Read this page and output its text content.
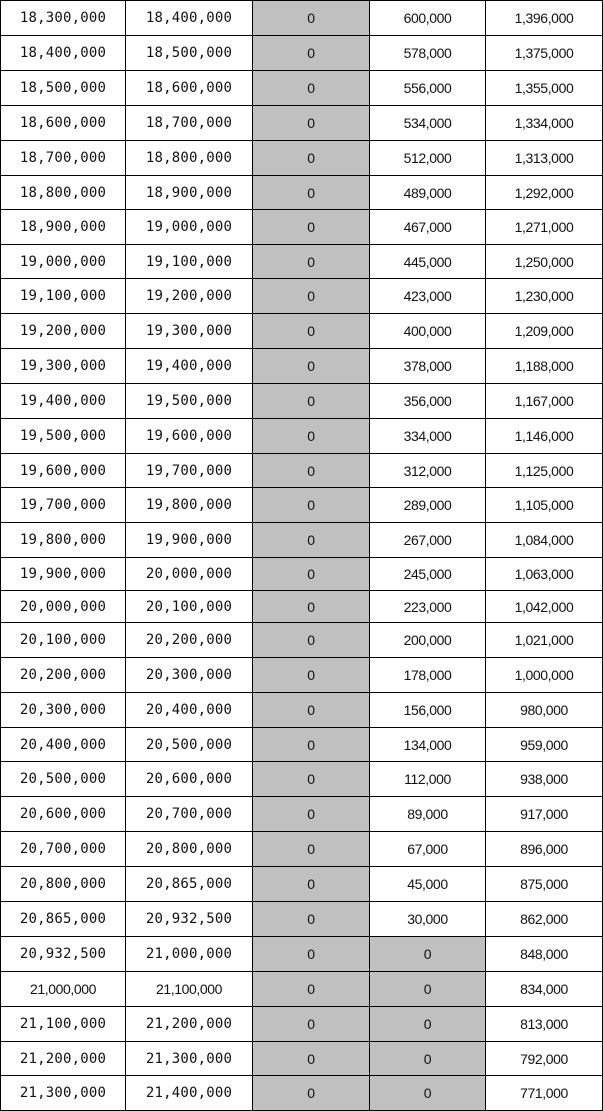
18,300,000	18,400,000	0	600,000	1,396,000
18,400,000	18,500,000	0	578,000	1,375,000
18,500,000	18,600,000	0	556,000	1,355,000
18,600,000	18,700,000	0	534,000	1,334,000
18,700,000	18,800,000	0	512,000	1,313,000
18,800,000	18,900,000	0	489,000	1,292,000
18,900,000	19,000,000	0	467,000	1,271,000
19,000,000	19,100,000	0	445,000	1,250,000
19,100,000	19,200,000	0	423,000	1,230,000
19,200,000	19,300,000	0	400,000	1,209,000
19,300,000	19,400,000	0	378,000	1,188,000
19,400,000	19,500,000	0	356,000	1,167,000
19,500,000	19,600,000	0	334,000	1,146,000
19,600,000	19,700,000	0	312,000	1,125,000
19,700,000	19,800,000	0	289,000	1,105,000
19,800,000	19,900,000	0	267,000	1,084,000
19,900,000	20,000,000	0	245,000	1,063,000
20,000,000	20,100,000	0	223,000	1,042,000
20,100,000	20,200,000	0	200,000	1,021,000
20,200,000	20,300,000	0	178,000	1,000,000
20,300,000	20,400,000	0	156,000	980,000
20,400,000	20,500,000	0	134,000	959,000
20,500,000	20,600,000	0	112,000	938,000
20,600,000	20,700,000	0	89,000	917,000
20,700,000	20,800,000	0	67,000	896,000
20,800,000	20,865,000	0	45,000	875,000
20,865,000	20,932,500	0	30,000	862,000
20,932,500	21,000,000	0	0	848,000
21,000,000	21,100,000	0	0	834,000
21,100,000	21,200,000	0	0	813,000
21,200,000	21,300,000	0	0	792,000
21,300,000	21,400,000	0	0	771,000
